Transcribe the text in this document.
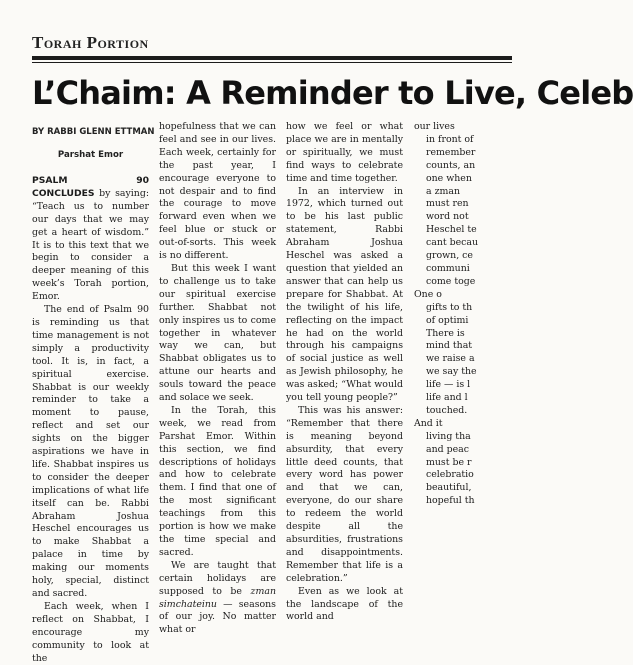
Torah Portion
L’Chaim: A Reminder to Live, Celeb
BY RABBI GLENN ETTMAN
Parshat Emor

PSALM 90 CONCLUDES by saying: “Teach us to number our days that we may get a heart of wisdom.” It is to this text that we begin to consider a deeper meaning of this week’s Torah portion, Emor.

The end of Psalm 90 is reminding us that time management is not simply a productivity tool. It is, in fact, a spiritual exercise. Shabbat is our weekly reminder to take a moment to pause, reflect and set our sights on the bigger aspirations we have in life. Shabbat inspires us to consider the deeper implications of what life itself can be. Rabbi Abraham Joshua Heschel encourages us to make Shabbat a palace in time by making our moments holy, special, distinct and sacred.

Each week, when I reflect on Shabbat, I encourage my community to look at the

hopefulness that we can feel and see in our lives. Each week, certainly for the past year, I encourage everyone to not despair and to find the courage to move forward even when we feel blue or stuck or out-of-sorts. This week is no different.

But this week I want to challenge us to take our spiritual exercise further. Shabbat not only inspires us to come together in whatever way we can, but Shabbat obligates us to attune our hearts and souls toward the peace and solace we seek.

In the Torah, this week, we read from Parshat Emor. Within this section, we find descriptions of holidays and how to celebrate them. I find that one of the most significant teachings from this portion is how we make the time special and sacred.

We are taught that certain holidays are supposed to be zman simchateinu — seasons of our joy. No matter what or

how we feel or what place we are in mentally or spiritually, we must find ways to celebrate time and time together.

In an interview in 1972, which turned out to be his last public statement, Rabbi Abraham Joshua Heschel was asked a question that yielded an answer that can help us prepare for Shabbat. At the twilight of his life, reflecting on the impact he had on the world through his campaigns of social justice as well as Jewish philosophy, he was asked; “What would you tell young people?”

This was his answer: “Remember that there is meaning beyond absurdity, that every little deed counts, that every word has power and that we can, everyone, do our share to redeem the world despite all the absurdities, frustrations and disappointments. Remember that life is a celebration.”

Even as we look at the landscape of the world and

our lives

in front of

remember

counts, an

one when

a zman

must ren

word not

Heschel te

cant becau

grown, ce

communi

come toge

One o

gifts to th

of optimi

There is

mind that

we raise a

we say the

life — is l

life and l

touched.

And it

living tha

and peac

must be r

celebratio

beautiful,

hopeful th
